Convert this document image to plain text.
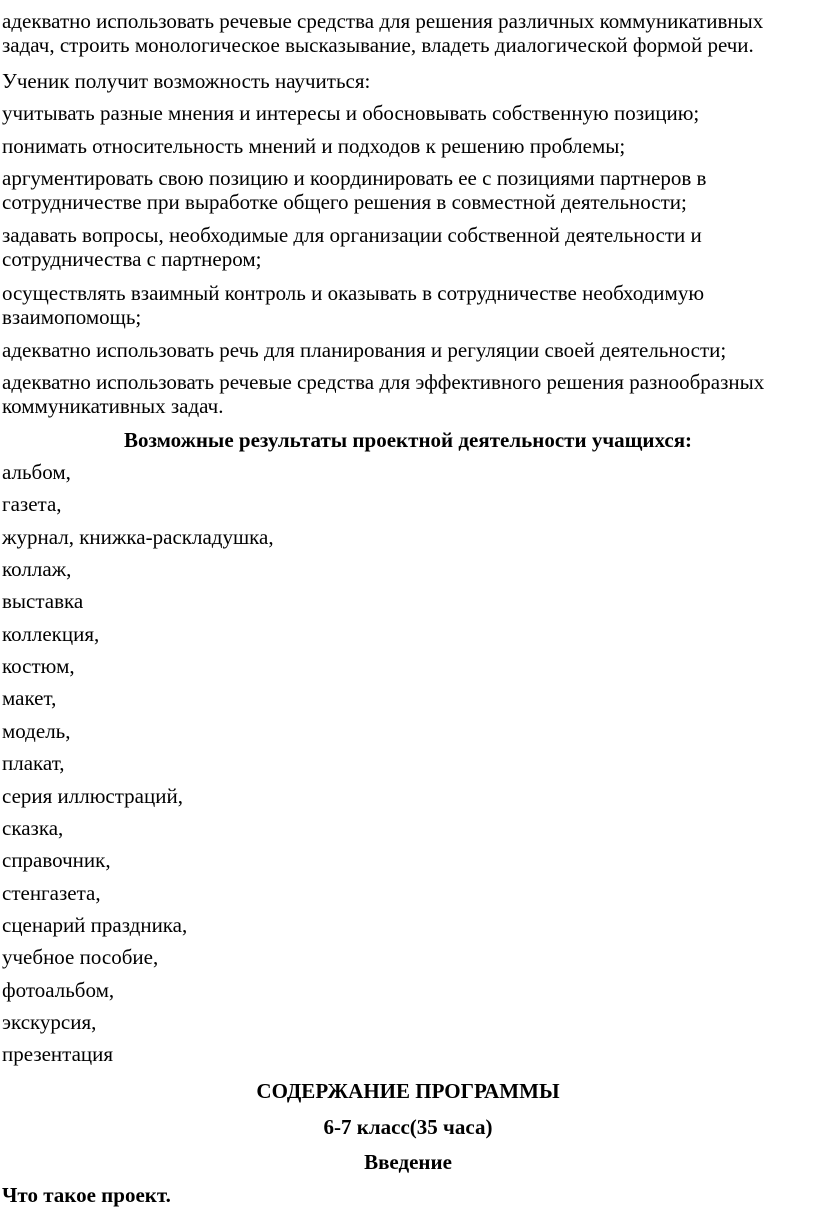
адекватно использовать речевые средства для решения различных коммуникативных задач, строить монологическое высказывание, владеть диалогической формой речи.

Ученик получит возможность научиться:

учитывать разные мнения и интересы и обосновывать собственную позицию;

понимать относительность мнений и подходов к решению проблемы;

аргументировать свою позицию и координировать ее с позициями партнеров в сотрудничестве при выработке общего решения в совместной деятельности;

задавать вопросы, необходимые для организации собственной деятельности и сотрудничества с партнером;

осуществлять взаимный контроль и оказывать в сотрудничестве необходимую взаимопомощь;

адекватно использовать речь для планирования и регуляции своей деятельности;

адекватно использовать речевые средства для эффективного решения разнообразных коммуникативных задач.

Возможные результаты проектной деятельности учащихся:

альбом,

газета,

журнал, книжка-раскладушка,

коллаж,

выставка

коллекция,

костюм,

макет,

модель,

плакат,

серия иллюстраций,

сказка,

справочник,

стенгазета,

сценарий праздника,

учебное пособие,

фотоальбом,

экскурсия,

презентация

СОДЕРЖАНИЕ ПРОГРАММЫ

6-7 класс(35 часа)

Введение

Что такое проект.
